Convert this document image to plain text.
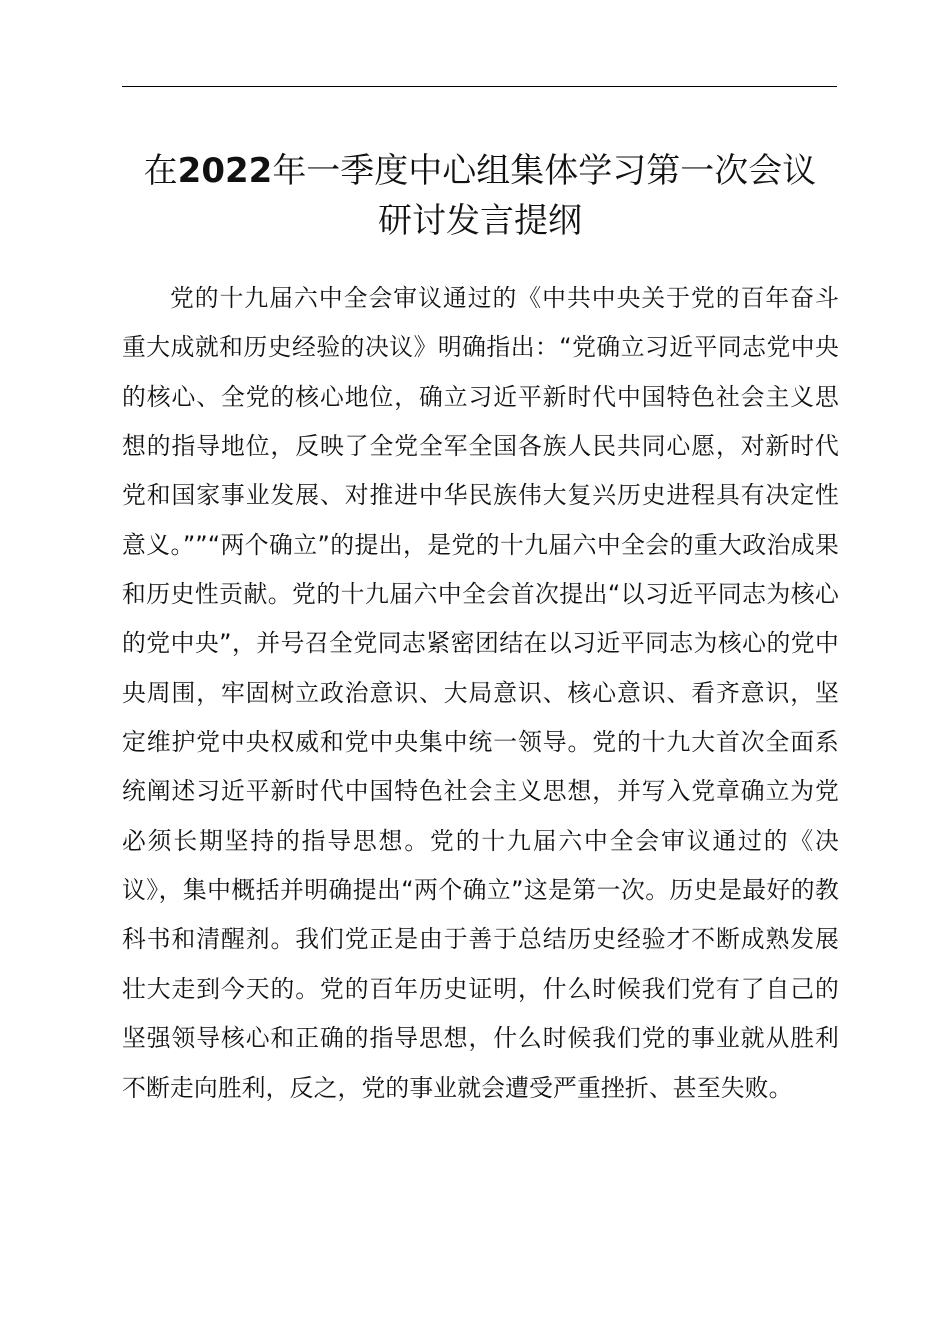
在2022年一季度中心组集体学习第一次会议
研讨发言提纲

党的十九届六中全会审议通过的《中共中央关于党的百年奋斗重大成就和历史经验的决议》明确指出：“党确立习近平同志党中央的核心、全党的核心地位，确立习近平新时代中国特色社会主义思想的指导地位，反映了全党全军全国各族人民共同心愿，对新时代党和国家事业发展、对推进中华民族伟大复兴历史进程具有决定性意义。””“两个确立”的提出，是党的十九届六中全会的重大政治成果和历史性贡献。党的十九届六中全会首次提出“以习近平同志为核心的党中央”，并号召全党同志紧密团结在以习近平同志为核心的党中央周围，牢固树立政治意识、大局意识、核心意识、看齐意识，坚定维护党中央权威和党中央集中统一领导。党的十九大首次全面系统阐述习近平新时代中国特色社会主义思想，并写入党章确立为党必须长期坚持的指导思想。党的十九届六中全会审议通过的《决议》，集中概括并明确提出“两个确立”这是第一次。历史是最好的教科书和清醒剂。我们党正是由于善于总结历史经验才不断成熟发展壮大走到今天的。党的百年历史证明，什么时候我们党有了自己的坚强领导核心和正确的指导思想，什么时候我们党的事业就从胜利不断走向胜利，反之，党的事业就会遭受严重挫折、甚至失败。
